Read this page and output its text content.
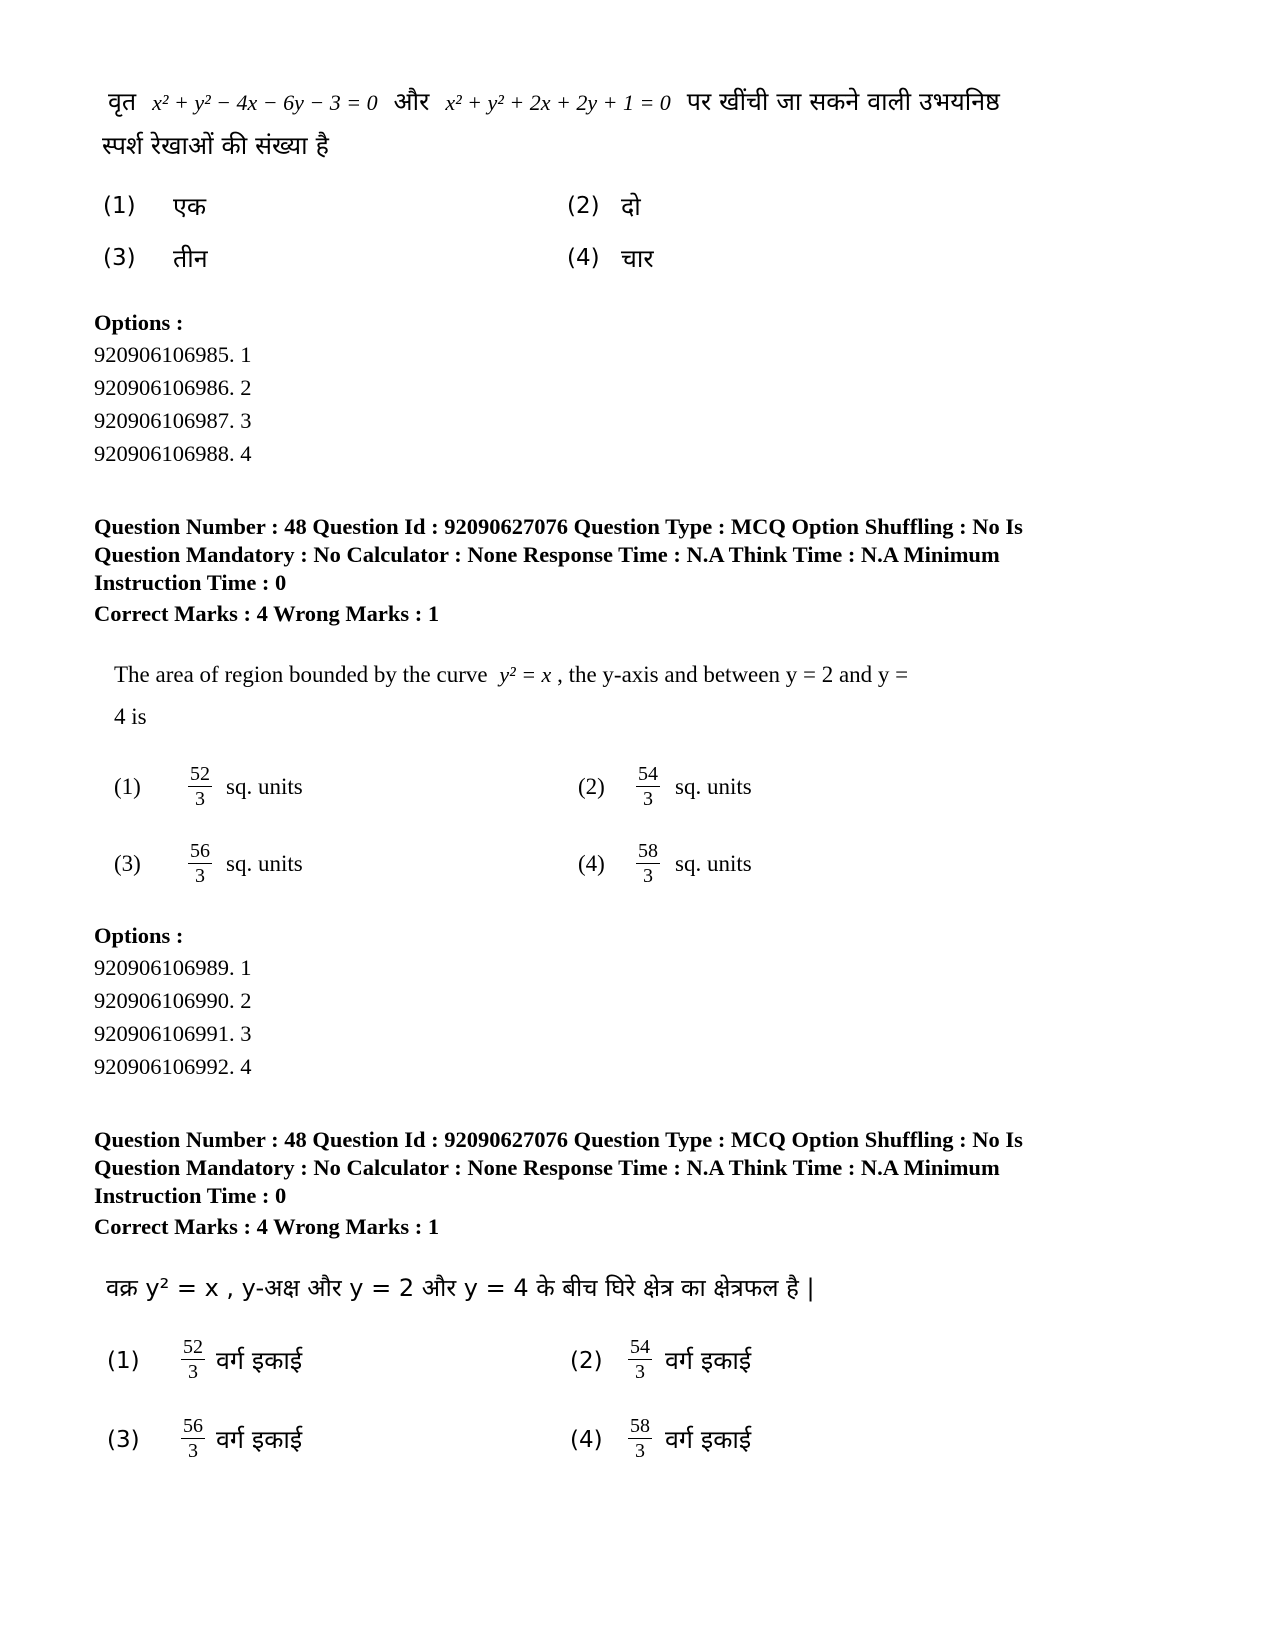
वृत x² + y² − 4x − 6y − 3 = 0 और x² + y² + 2x + 2y + 1 = 0 पर खींची जा सकने वाली उभयनिष्ठ
स्पर्श रेखाओं की संख्या है
(1) एक	(2) दो
(3) तीन	(4) चार
Options :
920906106985. 1
920906106986. 2
920906106987. 3
920906106988. 4
Question Number : 48 Question Id : 92090627076 Question Type : MCQ Option Shuffling : No Is
Question Mandatory : No Calculator : None Response Time : N.A Think Time : N.A Minimum
Instruction Time : 0
Correct Marks : 4 Wrong Marks : 1
The area of region bounded by the curve y² = x , the y-axis and between y = 2 and y =
4 is
$(1) \frac{52}{3}$ sq. units	$(2) \frac{54}{3}$ sq. units
$(3) \frac{56}{3}$ sq. units	$(4) \frac{58}{3}$ sq. units
Options :
920906106989. 1
920906106990. 2
920906106991. 3
920906106992. 4
Question Number : 48 Question Id : 92090627076 Question Type : MCQ Option Shuffling : No Is
Question Mandatory : No Calculator : None Response Time : N.A Think Time : N.A Minimum
Instruction Time : 0
Correct Marks : 4 Wrong Marks : 1
वक्र y² = x , y-अक्ष और y = 2 और y = 4 के बीच घिरे क्षेत्र का क्षेत्रफल है |
$(1) \frac{52}{3}$ वर्ग इकाई	$(2) \frac{54}{3}$ वर्ग इकाई
$(3) \frac{56}{3}$ वर्ग इकाई	$(4) \frac{58}{3}$ वर्ग इकाई
